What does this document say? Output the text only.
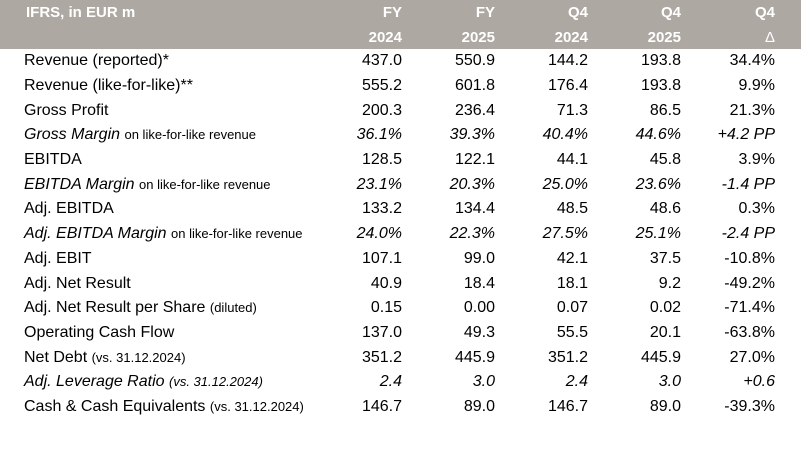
IFRS, in EUR m	FY	FY	Q4	Q4	Q4
	2024	2025	2024	2025	Δ
Revenue (reported)*	437.0	550.9	144.2	193.8	34.4%
Revenue (like-for-like)**	555.2	601.8	176.4	193.8	9.9%
Gross Profit	200.3	236.4	71.3	86.5	21.3%
Gross Margin on like-for-like revenue	36.1%	39.3%	40.4%	44.6%	+4.2 PP
EBITDA	128.5	122.1	44.1	45.8	3.9%
EBITDA Margin on like-for-like revenue	23.1%	20.3%	25.0%	23.6%	-1.4 PP
Adj. EBITDA	133.2	134.4	48.5	48.6	0.3%
Adj. EBITDA Margin on like-for-like revenue	24.0%	22.3%	27.5%	25.1%	-2.4 PP
Adj. EBIT	107.1	99.0	42.1	37.5	-10.8%
Adj. Net Result	40.9	18.4	18.1	9.2	-49.2%
Adj. Net Result per Share (diluted)	0.15	0.00	0.07	0.02	-71.4%
Operating Cash Flow	137.0	49.3	55.5	20.1	-63.8%
Net Debt (vs. 31.12.2024)	351.2	445.9	351.2	445.9	27.0%
Adj. Leverage Ratio (vs. 31.12.2024)	2.4	3.0	2.4	3.0	+0.6
Cash & Cash Equivalents (vs. 31.12.2024)	146.7	89.0	146.7	89.0	-39.3%
